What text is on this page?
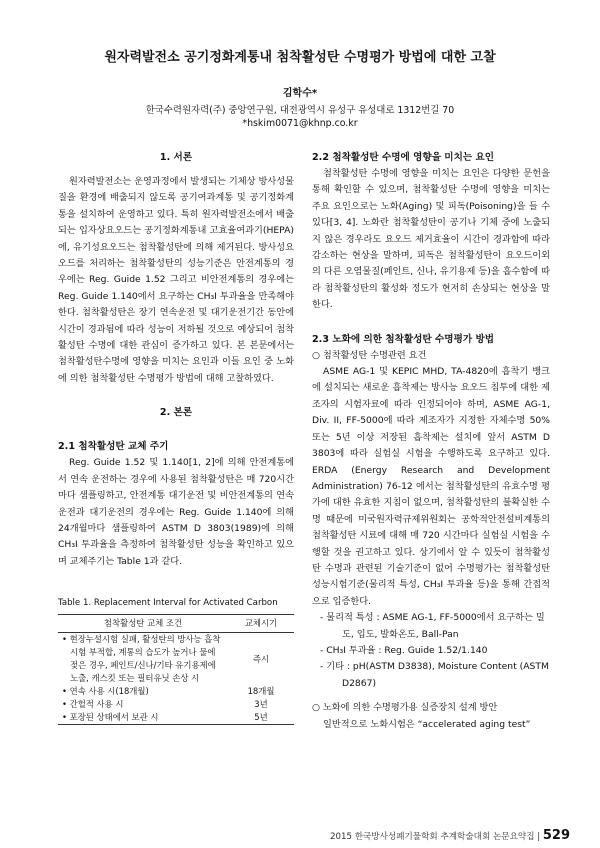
원자력발전소 공기정화계통내 첨착활성탄 수명평가 방법에 대한 고찰
김학수*
한국수력원자력(주) 중앙연구원, 대전광역시 유성구 유성대로 1312번길 70
*hskim0071@khnp.co.kr
1. 서론

원자력발전소는 운영과정에서 발생되는 기체상 방사성물질을 환경에 배출되지 않도록 공기여과계통 및 공기정화계통을 설치하여 운영하고 있다. 특히 원자력발전소에서 배출되는 입자상요오드는 공기정화계통내 고효율여과기(HEPA)에, 유기성요오드는 첨착활성탄에 의해 제거된다. 방사성요오드를 처리하는 첨착활성탄의 성능기준은 안전계통의 경우에는 Reg. Guide 1.52 그리고 비안전계통의 경우에는 Reg. Guide 1.140에서 요구하는 CH₃I 투과율을 만족해야 한다. 첨착활성탄은 장기 연속운전 및 대기운전기간 동안에 시간이 경과됨에 따라 성능이 저하될 것으로 예상되어 첨착활성탄 수명에 대한 관심이 증가하고 있다. 본 본문에서는 첨착활성탄수명에 영향을 미치는 요인과 이들 요인 중 노화에 의한 첨착활성탄 수명평가 방법에 대해 고찰하였다.

2. 본론
2.1 첨착활성탄 교체 주기

Reg. Guide 1.52 및 1.140[1, 2]에 의해 안전계통에서 연속 운전하는 경우에 사용된 첨착활성탄은 매 720시간마다 샘플링하고, 안전계통 대기운전 및 비안전계통의 연속운전과 대기운전의 경우에는 Reg. Guide 1.140에 의해 24개월마다 샘플링하여 ASTM D 3803(1989)에 의해 CH₃I 투과율을 측정하여 첨착활성탄 성능을 확인하고 있으며 교체주기는 Table 1과 같다.

Table 1. Replacement Interval for Activated Carbon

첨착활성탄 교체 조건	교체시기

• 현장누설시험 실패, 활성탄의 방사능 흡착시험 부적합, 계통의 습도가 높거나 물에 젖은 경우, 페인트/신나/기타 유기용제에 노출, 캐스킷 또는 필터유닛 손상 시	즉시

• 연속 사용 시(18개월)	18개월

• 간헐적 사용 시	3년

• 포장된 상태에서 보관 시	5년
2.2 첨착활성탄 수명에 영향을 미치는 요인

첨착활성탄 수명에 영향을 미치는 요인은 다양한 문헌을 통해 확인할 수 있으며, 첨착활성탄 수명에 영향을 미치는 주요 요인으로는 노화(Aging) 및 피독(Poisoning)을 들 수 있다[3, 4]. 노화란 첨착활성탄이 공기나 기체 중에 노출되지 않은 경우라도 요오드 제거효율이 시간이 경과함에 따라 감소하는 현상을 말하며, 피독은 첨착활성탄이 요오드이외의 다른 오염물질(페인트, 신나, 유기용제 등)을 흡수함에 따라 첨착활성탄의 활성화 정도가 현저히 손상되는 현상을 말한다.

2.3 노화에 의한 첨착활성탄 수명평가 방법
○ 첨착활성탄 수명관련 요건

ASME AG-1 및 KEPIC MHD, TA-4820에 흡착기 뱅크에 설치되는 새로운 흡착제는 방사능 요오드 침투에 대한 제조자의 시험자료에 따라 인정되어야 하며, ASME AG-1, Div. II, FF-5000에 따라 제조자가 지정한 자체수명 50% 또는 5년 이상 저장된 흡착제는 설치에 앞서 ASTM D 3803에 따라 실험실 시험을 수행하도록 요구하고 있다. ERDA (Energy Research and Development Administration) 76-12 에서는 첨착활성탄의 유효수명 평가에 대한 유효한 지침이 없으며, 첨착활성탄의 불확실한 수명 때문에 미국원자력규제위원회는 공학적안전설비계통의 첨착활성탄 시료에 대해 매 720 시간마다 실험실 시험을 수행할 것을 권고하고 있다. 상기에서 알 수 있듯이 첨착활성탄 수명과 관련된 기술기준이 없어 수명평가는 첨착활성탄 성능시험기준(물리적 특성, CH₃I 투과율 등)을 통해 간접적으로 입증한다.

- 물리적 특성 : ASME AG-1, FF-5000에서 요구하는 밀도, 입도, 발화온도, Ball-Pan
- CH₃I 투과율 : Reg. Guide 1.52/1.140
- 기타 : pH(ASTM D3838), Moisture Content (ASTM D2867)
○ 노화에 의한 수명평가용 실증장치 설계 방안

일반적으로 노화시험은 “accelerated aging test”

2015 한국방사성폐기물학회 추계학술대회 논문요약집 | 529
